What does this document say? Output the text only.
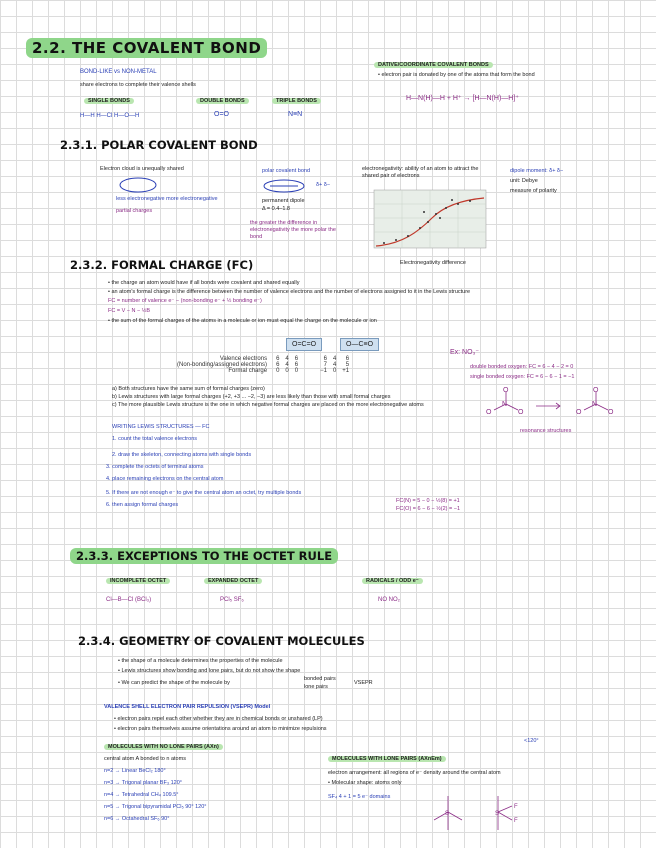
2.2. THE COVALENT BOND
BOND-LIKE vs NON-METAL
share electrons to complete their valence shells
SINGLE BONDS	DOUBLE BONDS	TRIPLE BONDS
H—H H—Cl H—O—H	O=O	N≡N
DATIVE/COORDINATE COVALENT BONDS
• electron pair is donated by one of the atoms that form the bond
H—N(H)—H + H⁺ → [H—N(H)—H]⁺
2.3.1. POLAR COVALENT BOND
Electron cloud is unequally shared
less electronegative more electronegative
partial charges
polar covalent bond
δ+ δ−
permanent dipole
Δ = 0.4–1.8
the greater the difference in electronegativity the more polar the bond
electronegativity: ability of an atom to attract the shared pair of electrons
Electronegativity difference
dipole moment: δ+ δ−
unit: Debye
measure of polarity
2.3.2. FORMAL CHARGE (FC)
• the charge an atom would have if all bonds were covalent and shared equally
• an atom's formal charge is the difference between the number of valence electrons and the number of electrons assigned to it in the Lewis structure
FC = number of valence e⁻ − (non-bonding e⁻ + ½ bonding e⁻)
FC = V − N − ½B
• the sum of the formal charges of the atoms in a molecule or ion must equal the charge on the molecule or ion
O=C=O	O—C≡O
Valence electrons	6	4	6		6	4	6
(Non-bonding/assigned electrons)	6	4	6		7	4	5
Formal charge	0	0	0		−1	0	+1
a) Both structures have the same sum of formal charges (zero)
b) Lewis structures with large formal charges (+2, +3 ... −2, −3) are less likely than those with small formal charges
c) The more plausible Lewis structure is the one in which negative formal charges are placed on the more electronegative atoms
WRITING LEWIS STRUCTURES — FC
1. count the total valence electrons
2. draw the skeleton, connecting atoms with single bonds
3. complete the octets of terminal atoms
4. place remaining electrons on the central atom
5. If there are not enough e⁻ to give the central atom an octet, try multiple bonds
6. then assign formal charges
Ex: NO₃⁻
double bonded oxygen: FC = 6 − 4 − 2 = 0
single bonded oxygen: FC = 6 − 6 − 1 = −1
N
O	O
O
N
O	O
O
resonance structures
FC(N) = 5 − 0 − ½(8) = +1
FC(O) = 6 − 6 − ½(2) = −1
2.3.3. EXCEPTIONS TO THE OCTET RULE
INCOMPLETE OCTET	EXPANDED OCTET	RADICALS / ODD e⁻
Cl—B—Cl (BCl₃)	PCl₅ SF₆	NO NO₂
2.3.4. GEOMETRY OF COVALENT MOLECULES
• the shape of a molecule determines the properties of the molecule
• Lewis structures show bonding and lone pairs, but do not show the shape
• We can predict the shape of the molecule by
bonded pairs
lone pairs
VSEPR
VALENCE SHELL ELECTRON PAIR REPULSION (VSEPR) Model
• electron pairs repel each other whether they are in chemical bonds or unshared (LP)
• electron pairs themselves assume orientations around an atom to minimize repulsions
MOLECULES WITH NO LONE PAIRS (AXn)
central atom A bonded to n atoms
n=2 → Linear BeCl₂ 180°
n=3 → Trigonal planar BF₃ 120°
n=4 → Tetrahedral CH₄ 109.5°
n=5 → Trigonal bipyramidal PCl₅ 90° 120°
n=6 → Octahedral SF₆ 90°
MOLECULES WITH LONE PAIRS (AXnEm)
<120°
electron arrangement: all regions of e⁻ density around the central atom
• Molecular shape: atoms only
SF₄ 4 + 1 = 5 e⁻ domains
S	S
F
F
